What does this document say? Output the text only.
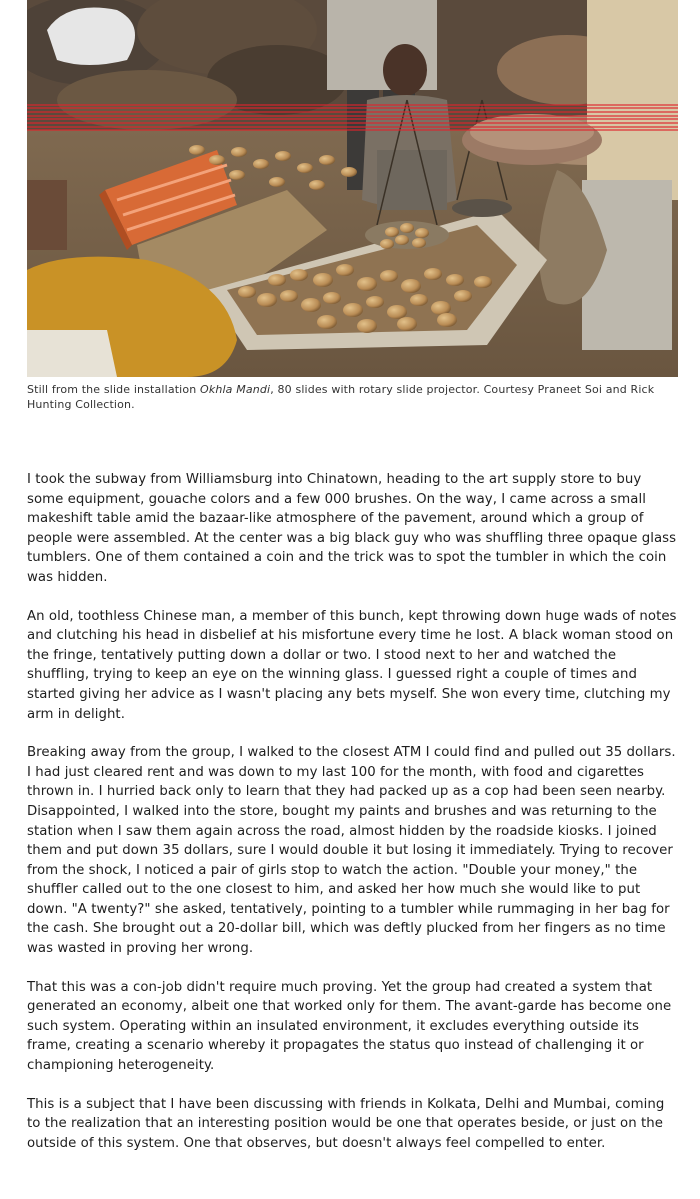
Still from the slide installation Okhla Mandi, 80 slides with rotary slide projector. Courtesy Praneet Soi and Rick Hunting Collection.

I took the subway from Williamsburg into Chinatown, heading to the art supply store to buy some equipment, gouache colors and a few 000 brushes. On the way, I came across a small makeshift table amid the bazaar-like atmosphere of the pavement, around which a group of people were assembled. At the center was a big black guy who was shuffling three opaque glass tumblers. One of them contained a coin and the trick was to spot the tumbler in which the coin was hidden.

An old, toothless Chinese man, a member of this bunch, kept throwing down huge wads of notes and clutching his head in disbelief at his misfortune every time he lost. A black woman stood on the fringe, tentatively putting down a dollar or two. I stood next to her and watched the shuffling, trying to keep an eye on the winning glass. I guessed right a couple of times and started giving her advice as I wasn't placing any bets myself. She won every time, clutching my arm in delight.

Breaking away from the group, I walked to the closest ATM I could find and pulled out 35 dollars. I had just cleared rent and was down to my last 100 for the month, with food and cigarettes thrown in. I hurried back only to learn that they had packed up as a cop had been seen nearby. Disappointed, I walked into the store, bought my paints and brushes and was returning to the station when I saw them again across the road, almost hidden by the roadside kiosks. I joined them and put down 35 dollars, sure I would double it but losing it immediately. Trying to recover from the shock, I noticed a pair of girls stop to watch the action. "Double your money," the shuffler called out to the one closest to him, and asked her how much she would like to put down. "A twenty?" she asked, tentatively, pointing to a tumbler while rummaging in her bag for the cash. She brought out a 20-dollar bill, which was deftly plucked from her fingers as no time was wasted in proving her wrong.

That this was a con-job didn't require much proving. Yet the group had created a system that generated an economy, albeit one that worked only for them. The avant-garde has become one such system. Operating within an insulated environment, it excludes everything outside its frame, creating a scenario whereby it propagates the status quo instead of challenging it or championing heterogeneity.

This is a subject that I have been discussing with friends in Kolkata, Delhi and Mumbai, coming to the realization that an interesting position would be one that operates beside, or just on the outside of this system. One that observes, but doesn't always feel compelled to enter.
